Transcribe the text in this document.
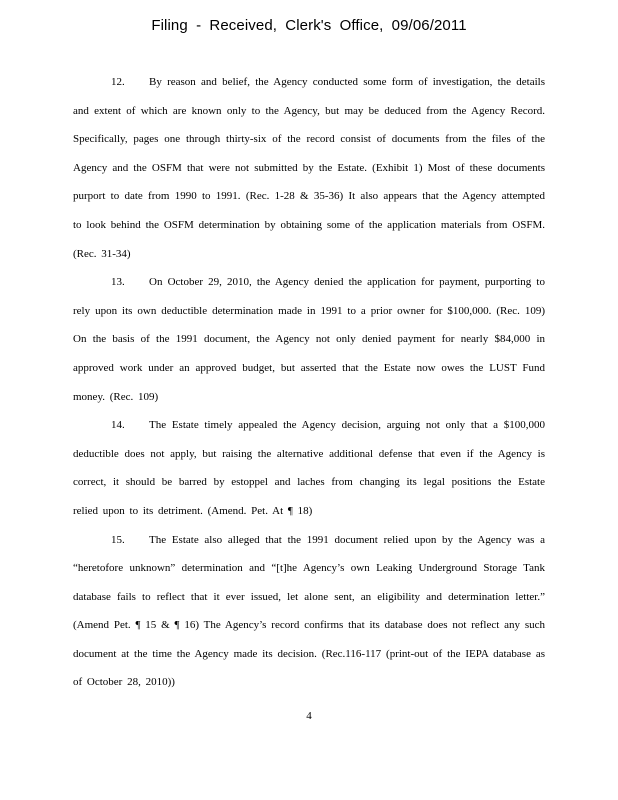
Filing - Received, Clerk's Office, 09/06/2011

12. By reason and belief, the Agency conducted some form of investigation, the details and extent of which are known only to the Agency, but may be deduced from the Agency Record. Specifically, pages one through thirty-six of the record consist of documents from the files of the Agency and the OSFM that were not submitted by the Estate. (Exhibit 1) Most of these documents purport to date from 1990 to 1991. (Rec. 1-28 & 35-36) It also appears that the Agency attempted to look behind the OSFM determination by obtaining some of the application materials from OSFM. (Rec. 31-34)

13. On October 29, 2010, the Agency denied the application for payment, purporting to rely upon its own deductible determination made in 1991 to a prior owner for $100,000. (Rec. 109) On the basis of the 1991 document, the Agency not only denied payment for nearly $84,000 in approved work under an approved budget, but asserted that the Estate now owes the LUST Fund money. (Rec. 109)

14. The Estate timely appealed the Agency decision, arguing not only that a $100,000 deductible does not apply, but raising the alternative additional defense that even if the Agency is correct, it should be barred by estoppel and laches from changing its legal positions the Estate relied upon to its detriment. (Amend. Pet. At ¶ 18)

15. The Estate also alleged that the 1991 document relied upon by the Agency was a “heretofore unknown” determination and “[t]he Agency’s own Leaking Underground Storage Tank database fails to reflect that it ever issued, let alone sent, an eligibility and determination letter.” (Amend Pet. ¶ 15 & ¶ 16) The Agency’s record confirms that its database does not reflect any such document at the time the Agency made its decision. (Rec.116-117 (print-out of the IEPA database as of October 28, 2010))

4
